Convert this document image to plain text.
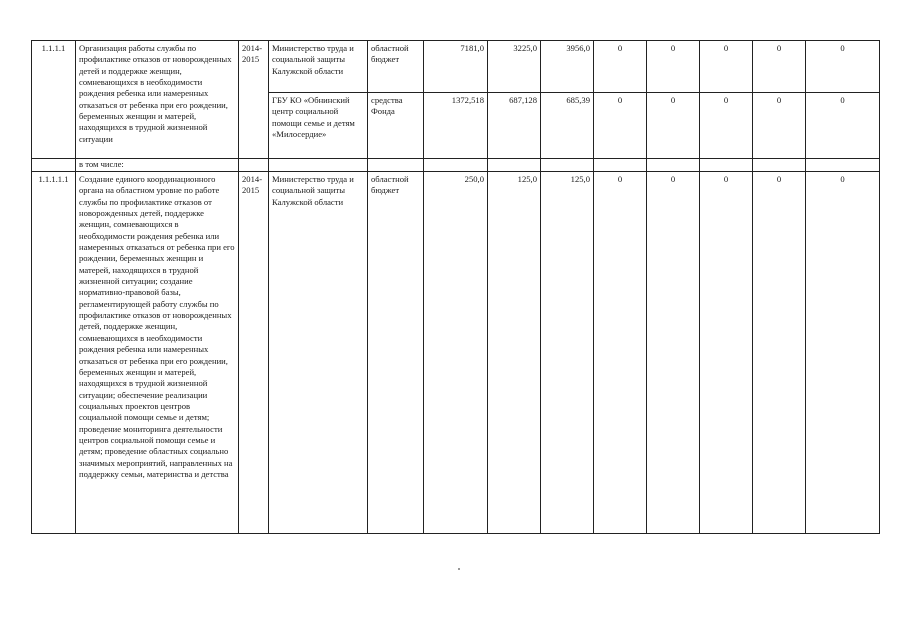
1.1.1.1	Организация работы службы по профилактике отказов от новорожденных детей и поддержке женщин, сомневающихся в необходимости рождения ребенка или намеренных отказаться от ребенка при его рождении, беременных женщин и матерей, находящихся в трудной жизненной ситуации	2014-2015	Министерство труда и социальной защиты Калужской области	областной бюджет	7181,0	3225,0	3956,0	0	0	0	0	0
			ГБУ КО «Обнинский центр социальной помощи семье и детям «Милосердие»	средства Фонда	1372,518	687,128	685,39	0	0	0	0	0
	в том числе:											
1.1.1.1.1	Создание единого координационного органа на областном уровне по работе службы по профилактике отказов от новорожденных детей, поддержке женщин, сомневающихся в необходимости рождения ребенка или намеренных отказаться от ребенка при его рождении, беременных женщин и матерей, находящихся в трудной жизненной ситуации; создание нормативно-правовой базы, регламентирующей работу службы по профилактике отказов от новорожденных детей, поддержке женщин, сомневающихся в необходимости рождения ребенка или намеренных отказаться от ребенка при его рождении, беременных женщин и матерей, находящихся в трудной жизненной ситуации; обеспечение реализации социальных проектов центров социальной помощи семье и детям; проведение мониторинга деятельности центров социальной помощи семье и детям; проведение областных социально значимых мероприятий, направленных на поддержку семьи, материнства и детства	2014-2015	Министерство труда и социальной защиты Калужской области	областной бюджет	250,0	125,0	125,0	0	0	0	0	0
